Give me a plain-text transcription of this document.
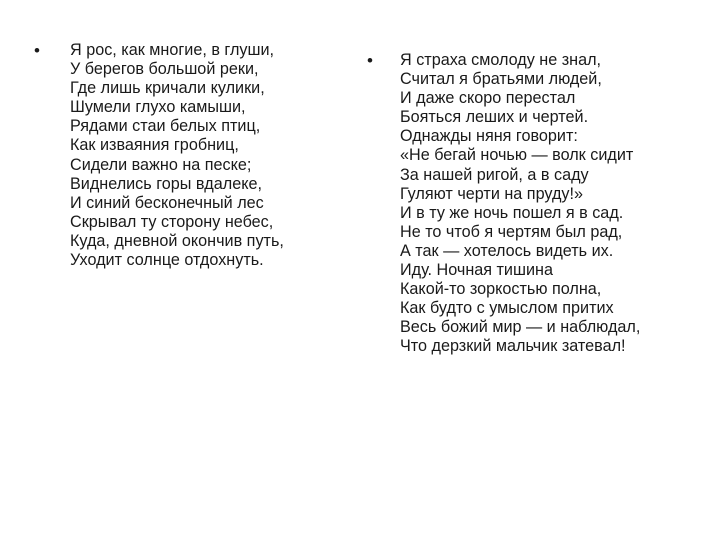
• Я рос, как многие, в глуши,
У берегов большой реки,
Где лишь кричали кулики,
Шумели глухо камыши,
Рядами стаи белых птиц,
Как изваяния гробниц,
Сидели важно на песке;
Виднелись горы вдалеке,
И синий бесконечный лес
Скрывал ту сторону небес,
Куда, дневной окончив путь,
Уходит солнце отдохнуть.
• Я страха смолоду не знал,
Считал я братьями людей,
И даже скоро перестал
Бояться леших и чертей.
Однажды няня говорит:
«Не бегай ночью — волк сидит
За нашей ригой, а в саду
Гуляют черти на пруду!»
И в ту же ночь пошел я в сад.
Не то чтоб я чертям был рад,
А так — хотелось видеть их.
Иду. Ночная тишина
Какой-то зоркостью полна,
Как будто с умыслом притих
Весь божий мир — и наблюдал,
Что дерзкий мальчик затевал!
